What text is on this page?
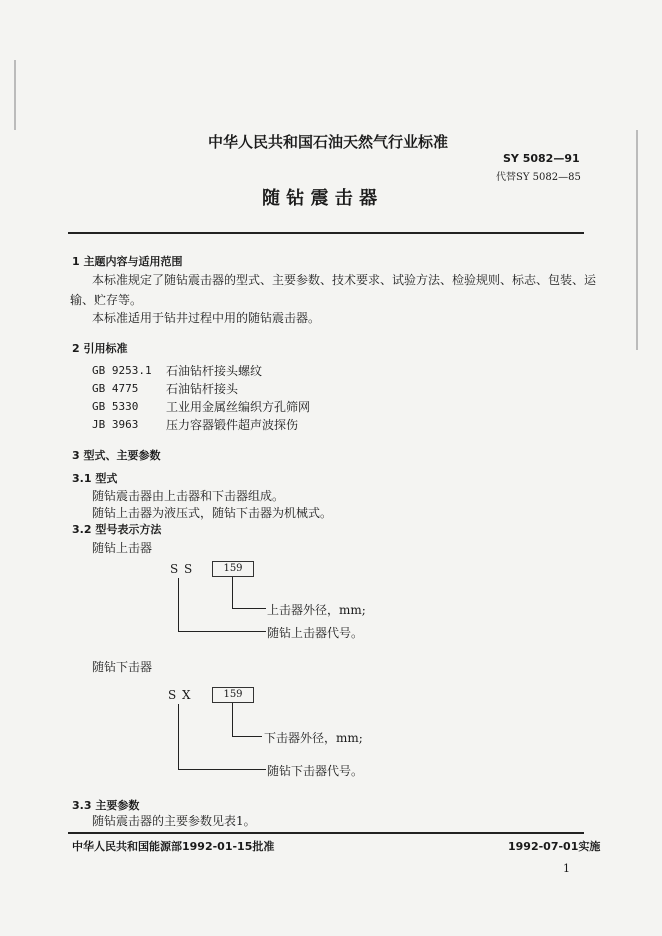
中华人民共和国石油天然气行业标准
SY 5082—91
代替SY 5082—85
随 钻 震 击 器
1 主题内容与适用范围
本标准规定了随钻震击器的型式、主要参数、技术要求、试验方法、检验规则、标志、包装、运
输、贮存等。
本标准适用于钻井过程中用的随钻震击器。
2 引用标准
GB 9253.1 石油钻杆接头螺纹
GB 4775 石油钻杆接头
GB 5330 工业用金属丝编织方孔筛网
JB 3963 压力容器锻件超声波探伤
3 型式、主要参数
3.1 型式
随钻震击器由上击器和下击器组成。
随钻上击器为液压式，随钻下击器为机械式。
3.2 型号表示方法
随钻上击器
S S	159
上击器外径，mm;
随钻上击器代号。
随钻下击器
S X	159
下击器外径，mm;
随钻下击器代号。
3.3 主要参数
随钻震击器的主要参数见表1。
中华人民共和国能源部1992-01-15批准	1992-07-01实施
1
